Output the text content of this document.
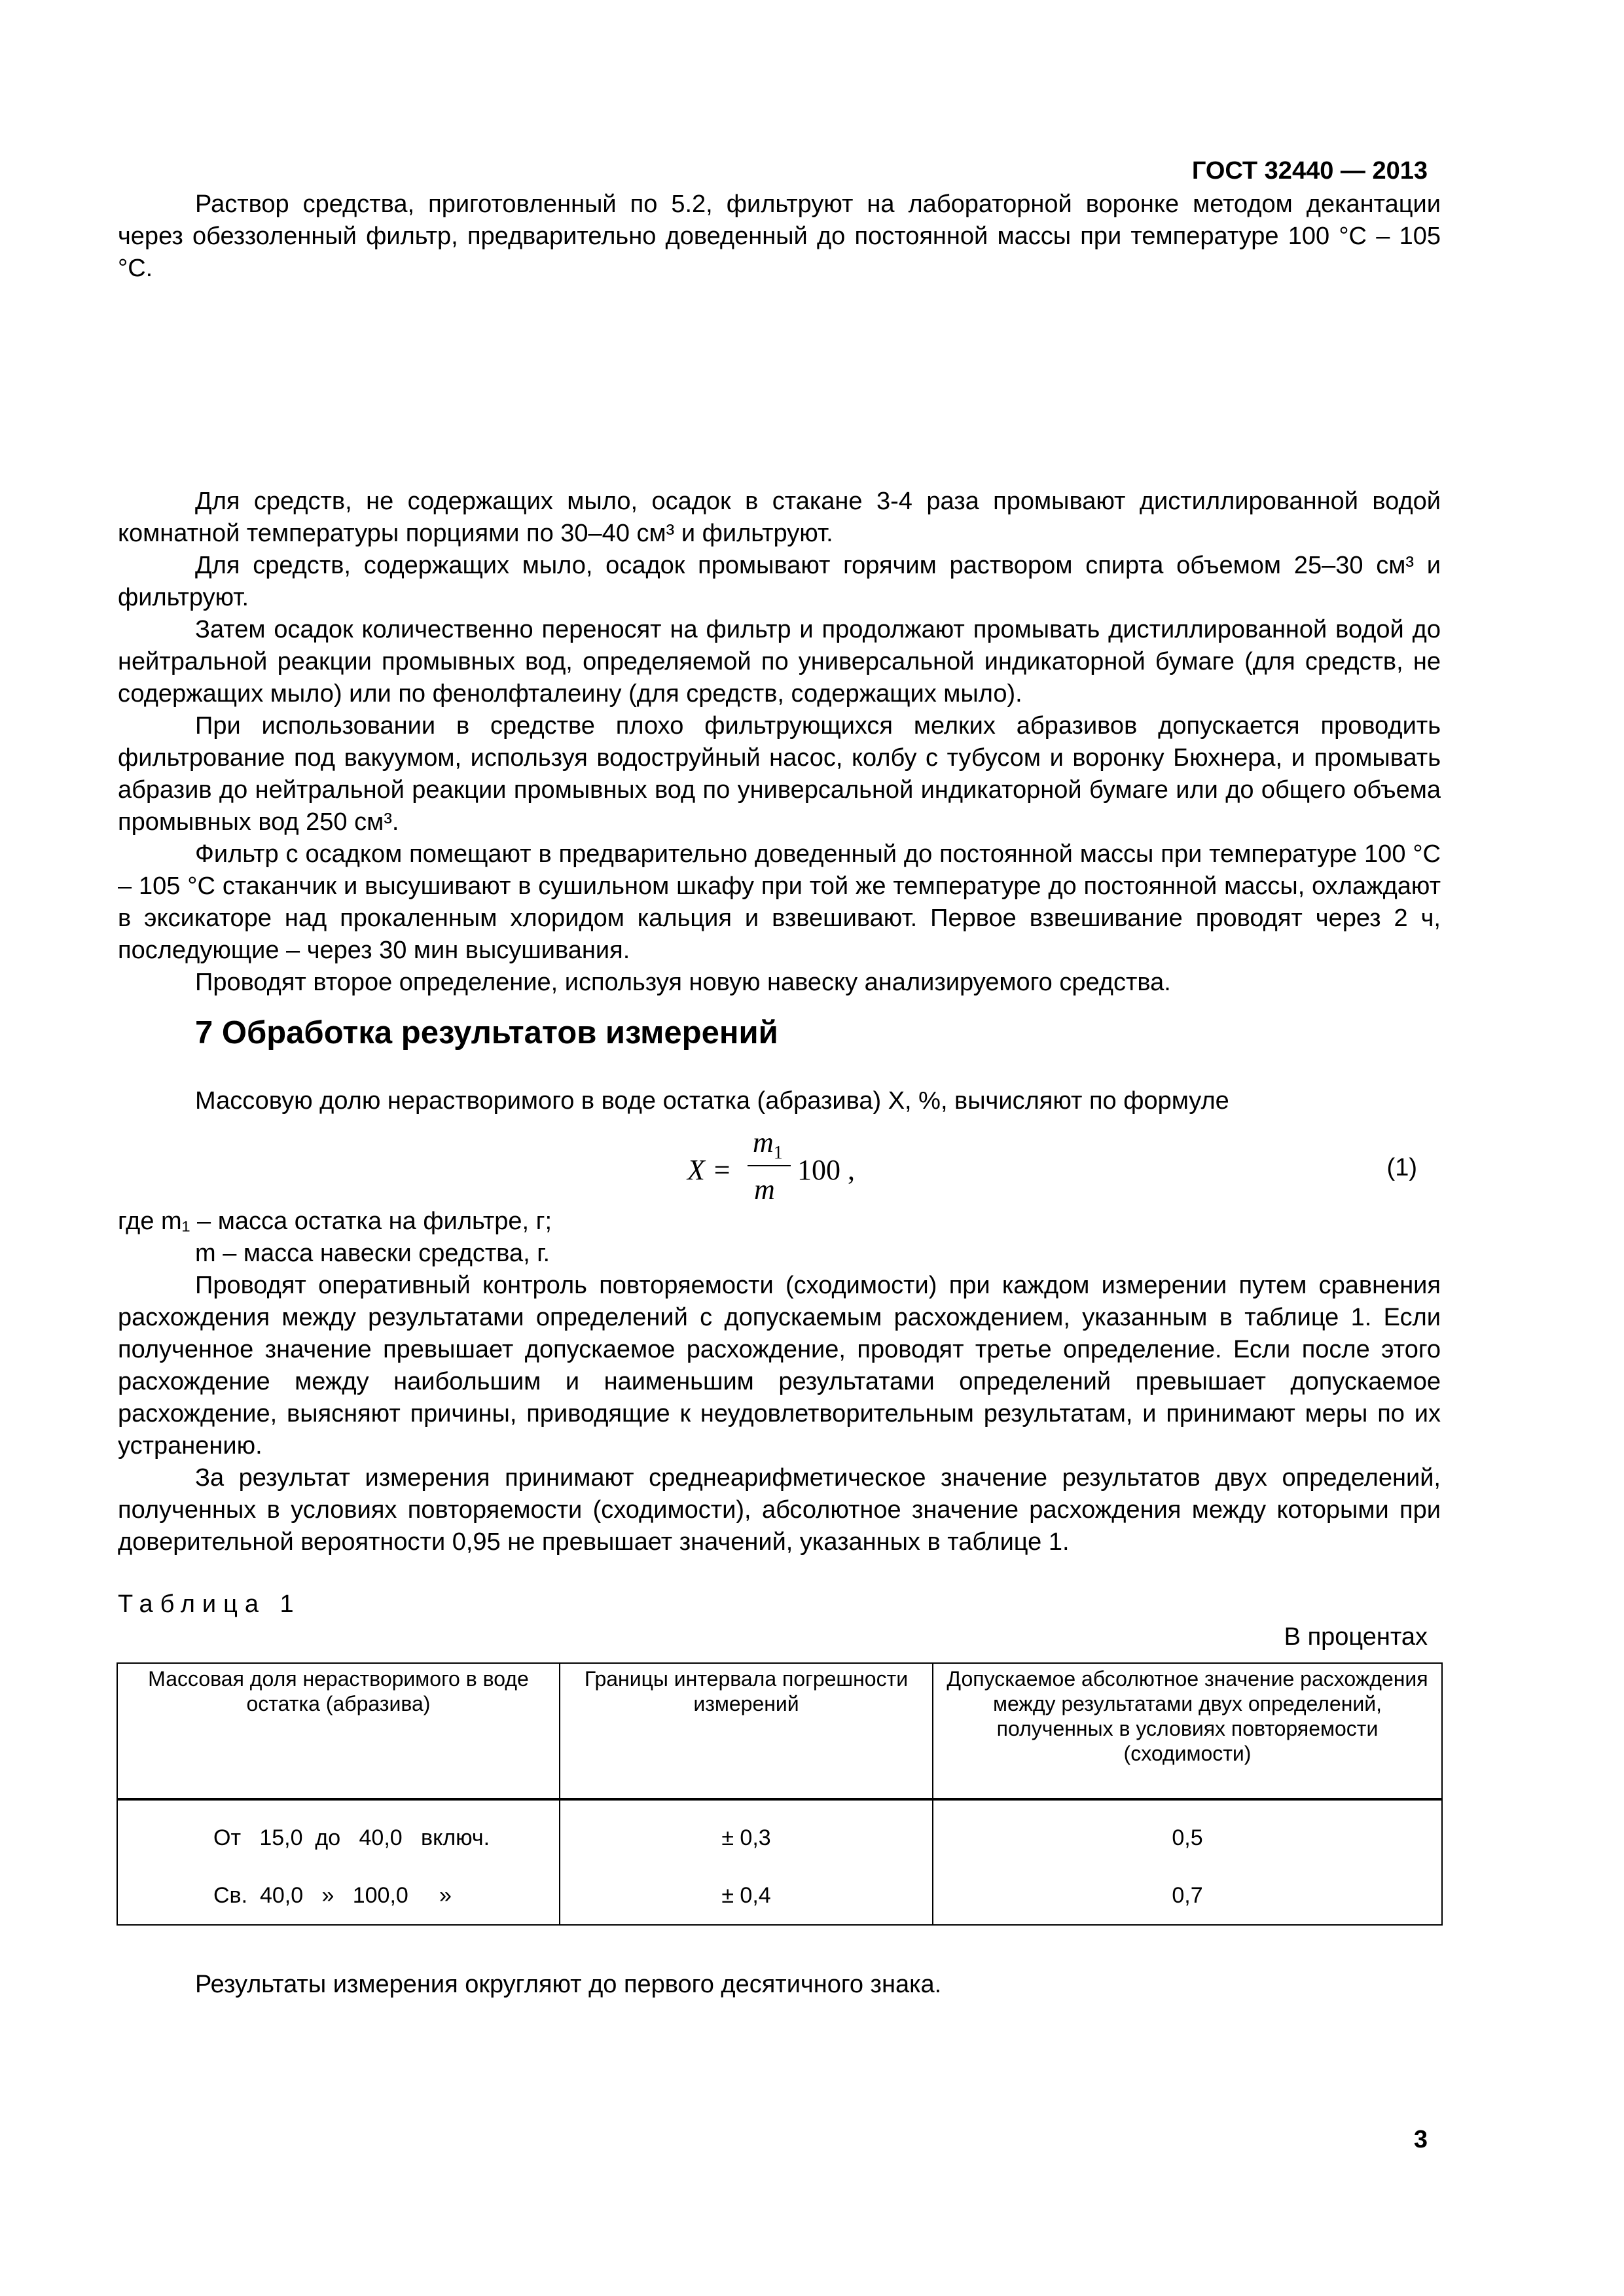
ГОСТ 32440 — 2013

Раствор средства, приготовленный по 5.2, фильтруют на лабораторной воронке методом декантации через обеззоленный фильтр, предварительно доведенный до постоянной массы при температуре 100 °С – 105 °С.

Для средств, не содержащих мыло, осадок в стакане 3-4 раза промывают дистиллированной водой комнатной температуры порциями по 30–40 см³ и фильтруют.

Для средств, содержащих мыло, осадок промывают горячим раствором спирта объемом 25–30 см³ и фильтруют.

Затем осадок количественно переносят на фильтр и продолжают промывать дистиллированной водой до нейтральной реакции промывных вод, определяемой по универсальной индикаторной бумаге (для средств, не содержащих мыло) или по фенолфталеину (для средств, содержащих мыло).

При использовании в средстве плохо фильтрующихся мелких абразивов допускается проводить фильтрование под вакуумом, используя водоструйный насос, колбу с тубусом и воронку Бюхнера, и промывать абразив до нейтральной реакции промывных вод по универсальной индикаторной бумаге или до общего объема промывных вод 250 см³.

Фильтр с осадком помещают в предварительно доведенный до постоянной массы при температуре 100 °С – 105 °С стаканчик и высушивают в сушильном шкафу при той же температуре до постоянной массы, охлаждают в эксикаторе над прокаленным хлоридом кальция и взвешивают. Первое взвешивание проводят через 2 ч, последующие – через 30 мин высушивания.

Проводят второе определение, используя новую навеску анализируемого средства.

7 Обработка результатов измерений

Массовую долю нерастворимого в воде остатка (абразива) X, %, вычисляют по формуле

X =
$m_1$
m
100 ,	(1)

где m₁ – масса остатка на фильтре, г;

m – масса навески средства, г.

Проводят оперативный контроль повторяемости (сходимости) при каждом измерении путем сравнения расхождения между результатами определений с допускаемым расхождением, указанным в таблице 1. Если полученное значение превышает допускаемое расхождение, проводят третье определение. Если после этого расхождение между наибольшим и наименьшим результатами определений превышает допускаемое расхождение, выясняют причины, приводящие к неудовлетворительным результатам, и принимают меры по их устранению.

За результат измерения принимают среднеарифметическое значение результатов двух определений, полученных в условиях повторяемости (сходимости), абсолютное значение расхождения между которыми при доверительной вероятности 0,95 не превышает значений, указанных в таблице 1.

Таблица 1
В процентах
Массовая доля нерастворимого в воде остатка (абразива)	Границы интервала погрешности измерений	Допускаемое абсолютное значение расхождения между результатами двух определений, полученных в условиях повторяемости (сходимости)
От   15,0  до   40,0   включ.	± 0,3	0,5
Св.  40,0   »   100,0     »	± 0,4	0,7

Результаты измерения округляют до первого десятичного знака.

3
